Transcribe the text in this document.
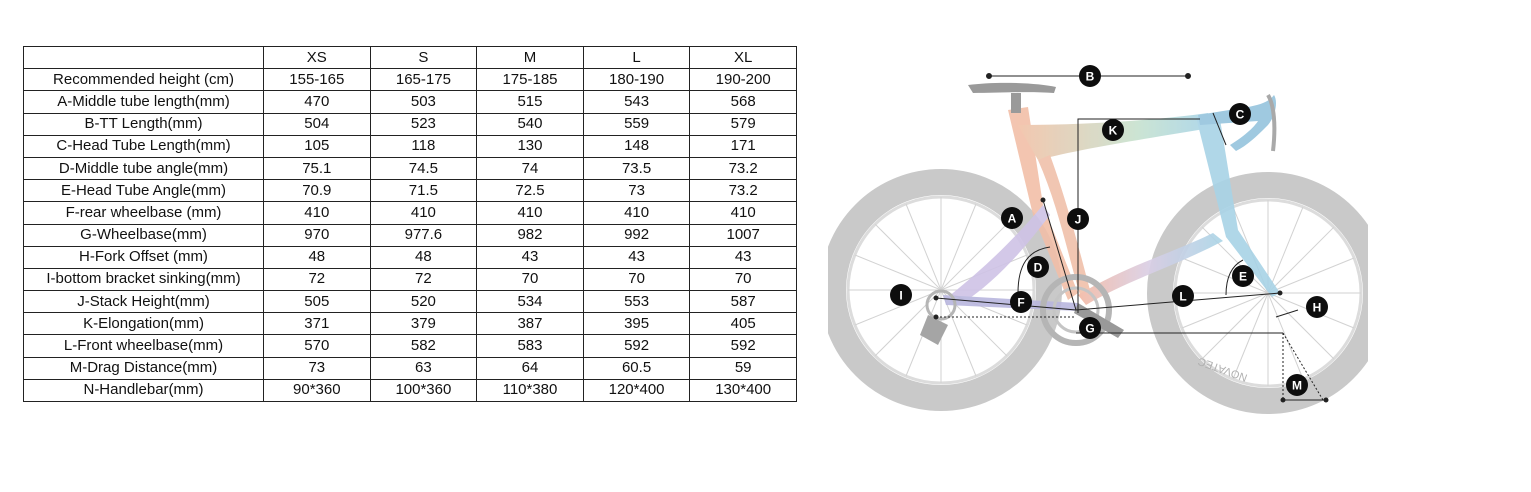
	XS	S	M	L	XL
Recommended height (cm)	155-165	165-175	175-185	180-190	190-200
A-Middle tube length(mm)	470	503	515	543	568
B-TT Length(mm)	504	523	540	559	579
C-Head Tube Length(mm)	105	118	130	148	171
D-Middle tube angle(mm)	75.1	74.5	74	73.5	73.2
E-Head Tube Angle(mm)	70.9	71.5	72.5	73	73.2
F-rear wheelbase (mm)	410	410	410	410	410
G-Wheelbase(mm)	970	977.6	982	992	1007
H-Fork Offset (mm)	48	48	43	43	43
I-bottom bracket sinking(mm)	72	72	70	70	70
J-Stack Height(mm)	505	520	534	553	587
K-Elongation(mm)	371	379	387	395	405
L-Front wheelbase(mm)	570	582	583	592	592
M-Drag Distance(mm)	73	63	64	60.5	59
N-Handlebar(mm)	90*360	100*360	110*380	120*400	130*400
NOVATEC
B
C
K
A	J
D
E
I	F	L
H
G
M
